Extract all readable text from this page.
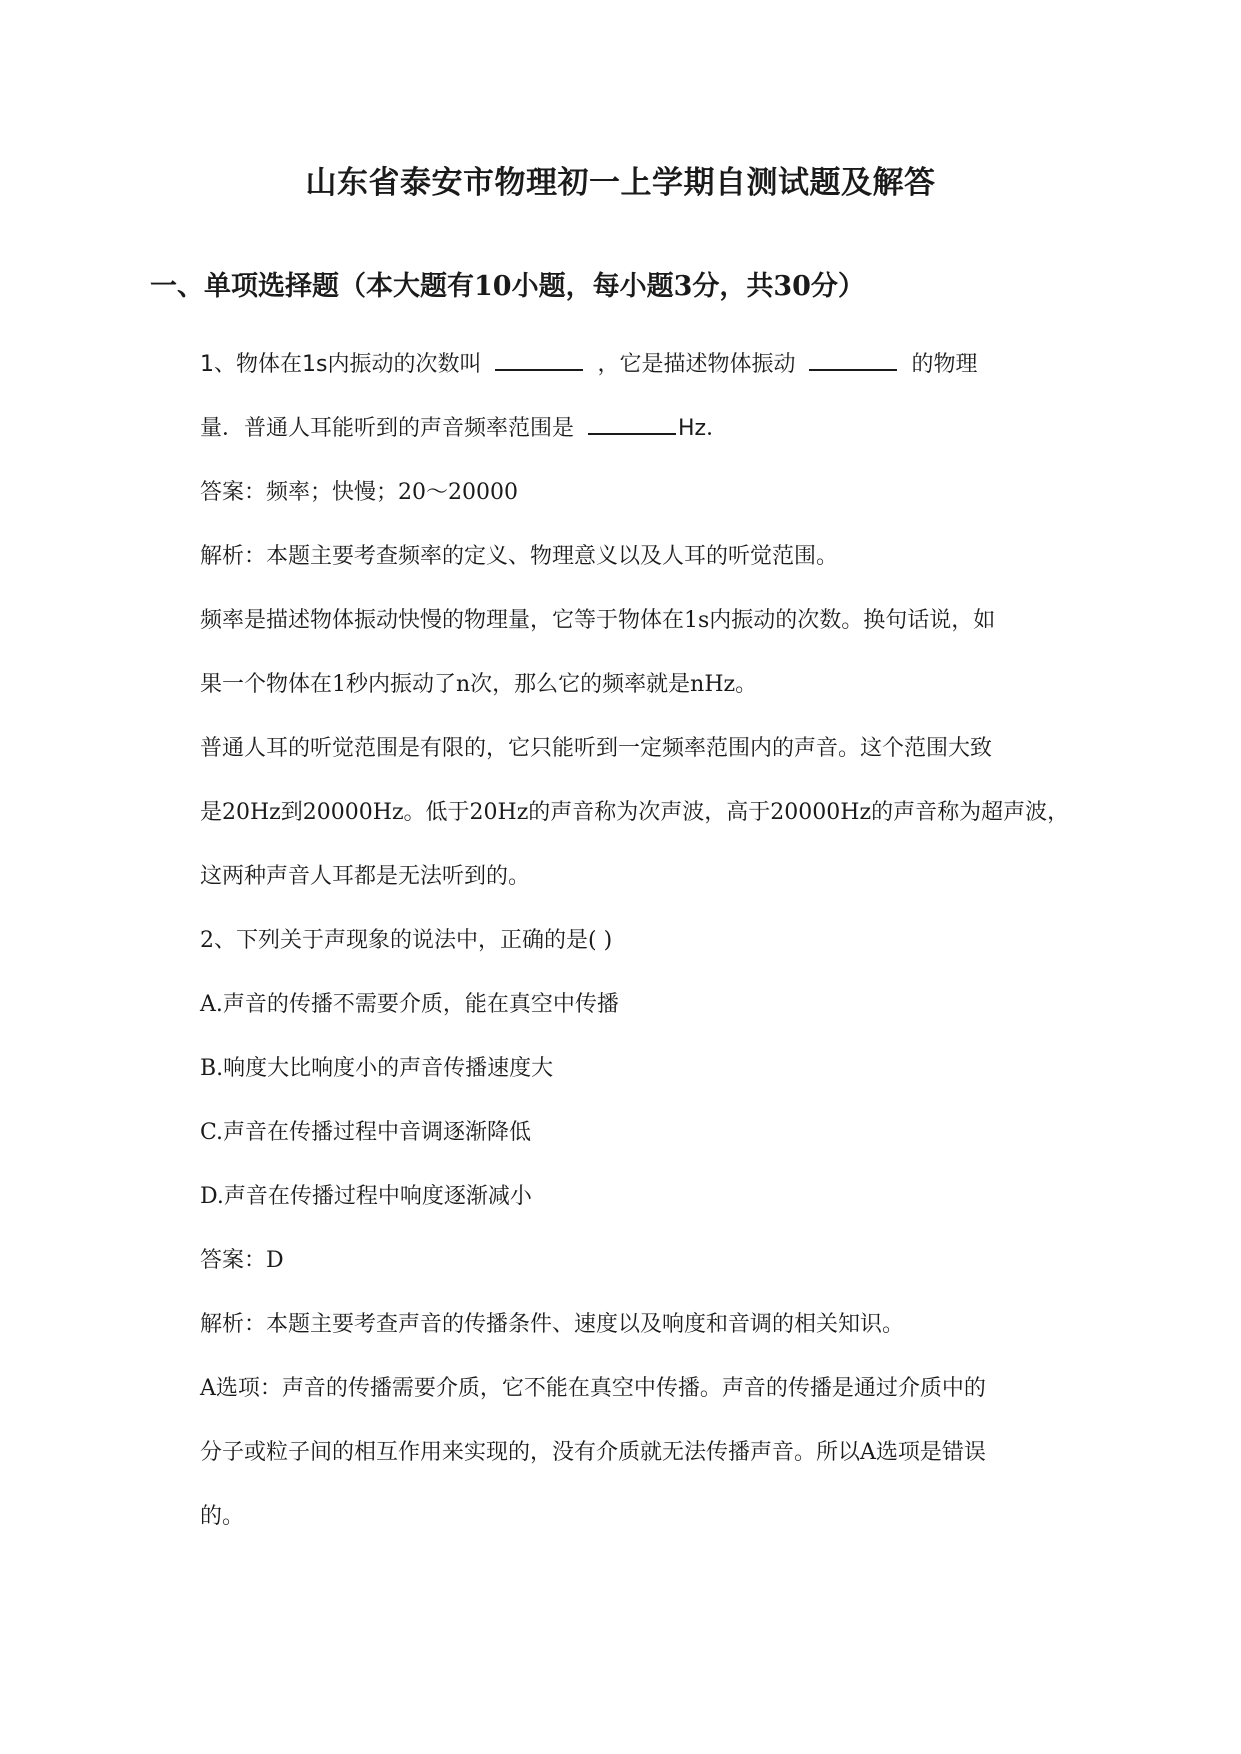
山东省泰安市物理初一上学期自测试题及解答
一、单项选择题（本大题有10小题，每小题3分，共30分）
1、物体在1s内振动的次数叫	，它是描述物体振动	的物理
量．普通人耳能听到的声音频率范围是	Hz．
答案：频率；快慢；20～20000
解析：本题主要考查频率的定义、物理意义以及人耳的听觉范围。
频率是描述物体振动快慢的物理量，它等于物体在1s内振动的次数。换句话说，如
果一个物体在1秒内振动了n次，那么它的频率就是nHz。
普通人耳的听觉范围是有限的，它只能听到一定频率范围内的声音。这个范围大致
是20Hz到20000Hz。低于20Hz的声音称为次声波，高于20000Hz的声音称为超声波，
这两种声音人耳都是无法听到的。
2、下列关于声现象的说法中，正确的是( )
A.声音的传播不需要介质，能在真空中传播
B.响度大比响度小的声音传播速度大
C.声音在传播过程中音调逐渐降低
D.声音在传播过程中响度逐渐减小
答案：D
解析：本题主要考查声音的传播条件、速度以及响度和音调的相关知识。
A选项：声音的传播需要介质，它不能在真空中传播。声音的传播是通过介质中的
分子或粒子间的相互作用来实现的，没有介质就无法传播声音。所以A选项是错误
的。
